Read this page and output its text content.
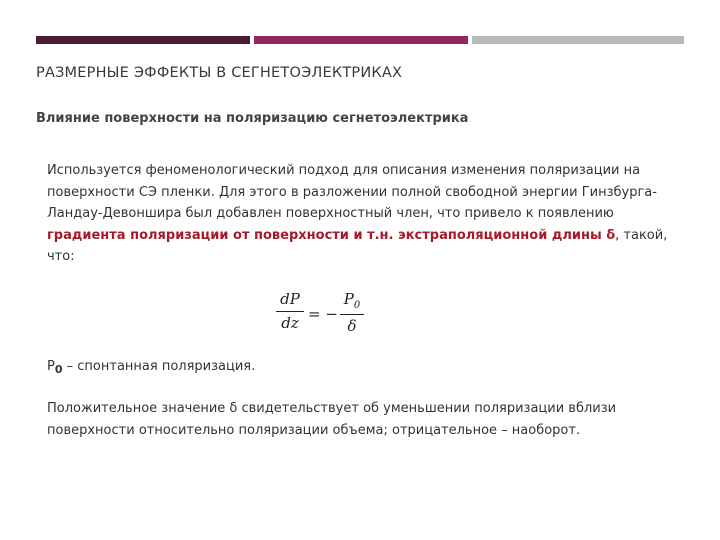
РАЗМЕРНЫЕ ЭФФЕКТЫ В СЕГНЕТОЭЛЕКТРИКАХ
Влияние поверхности на поляризацию сегнетоэлектрика
Используется феноменологический подход для описания изменения поляризации на поверхности СЭ пленки. Для этого в разложении полной свободной энергии Гинзбурга-Ландау-Девоншира был добавлен поверхностный член, что привело к появлению градиента поляризации от поверхности и т.н. экстраполяционной длины δ, такой, что:
dP
dz = −
$P_0$
δ
$P_0$ – спонтанная поляризация.
Положительное значение δ свидетельствует об уменьшении поляризации вблизи поверхности относительно поляризации объема; отрицательное – наоборот.
